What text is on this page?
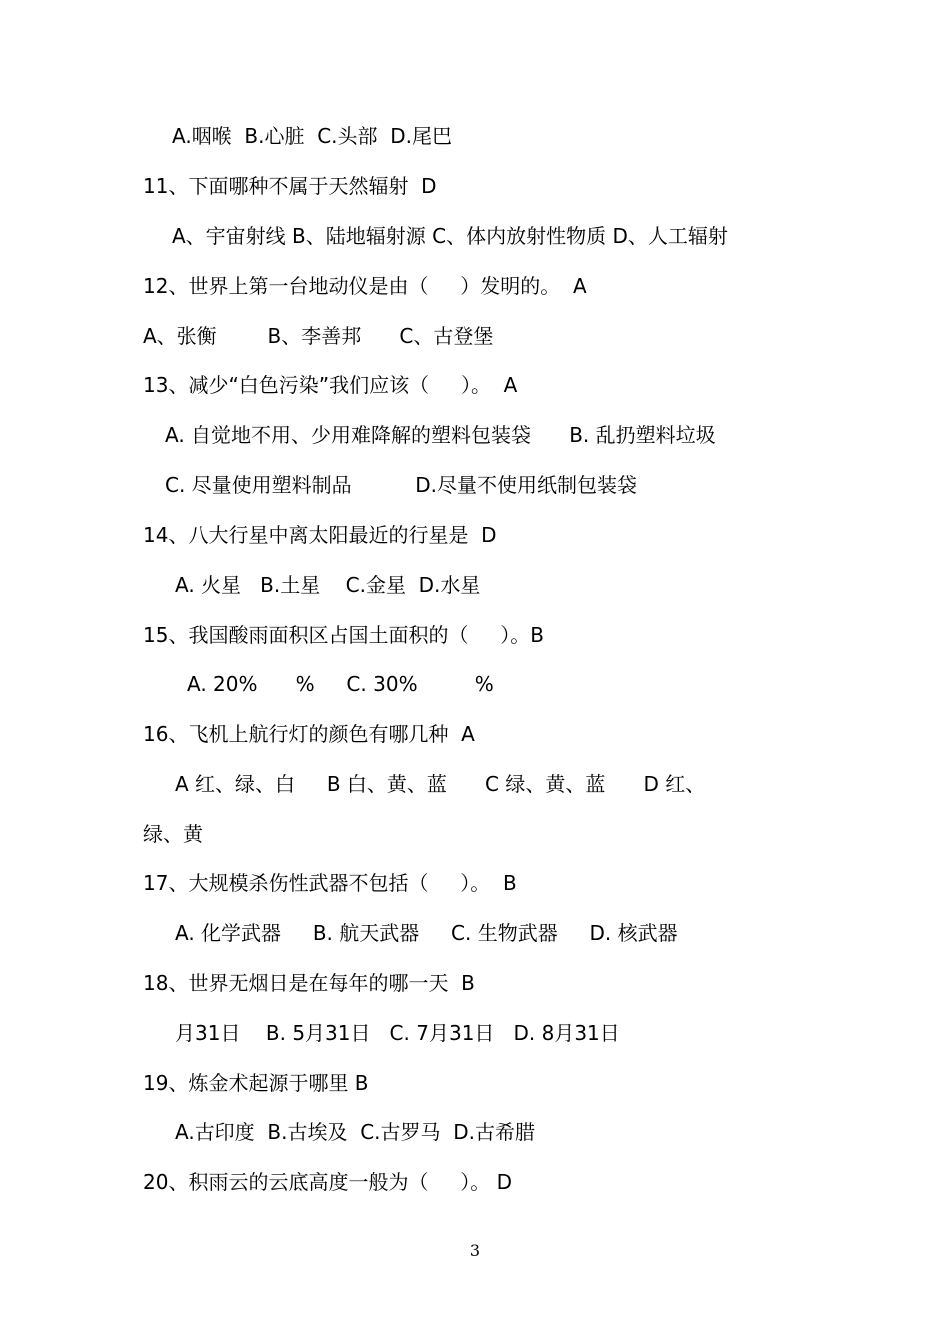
A.咽喉  B.心脏  C.头部  D.尾巴
11、下面哪种不属于天然辐射  D
A、宇宙射线 B、陆地辐射源 C、体内放射性物质 D、人工辐射
12、世界上第一台地动仪是由（     ）发明的。  A
A、张衡        B、李善邦      C、古登堡
13、减少“白色污染”我们应该（     ）。  A
A. 自觉地不用、少用难降解的塑料包装袋      B. 乱扔塑料垃圾
C. 尽量使用塑料制品          D.尽量不使用纸制包装袋
14、八大行星中离太阳最近的行星是  D
A. 火星   B.土星    C.金星  D.水星
15、我国酸雨面积区占国土面积的（     ）。B
A. 20%      %     C. 30%         %
16、飞机上航行灯的颜色有哪几种  A
A 红、绿、白     B 白、黄、蓝      C 绿、黄、蓝      D 红、
绿、黄
17、大规模杀伤性武器不包括（     ）。  B
A. 化学武器     B. 航天武器     C. 生物武器     D. 核武器
18、世界无烟日是在每年的哪一天  B
月31日    B. 5月31日   C. 7月31日   D. 8月31日
19、炼金术起源于哪里 B
A.古印度  B.古埃及  C.古罗马  D.古希腊
20、积雨云的云底高度一般为（     ）。 D
3
